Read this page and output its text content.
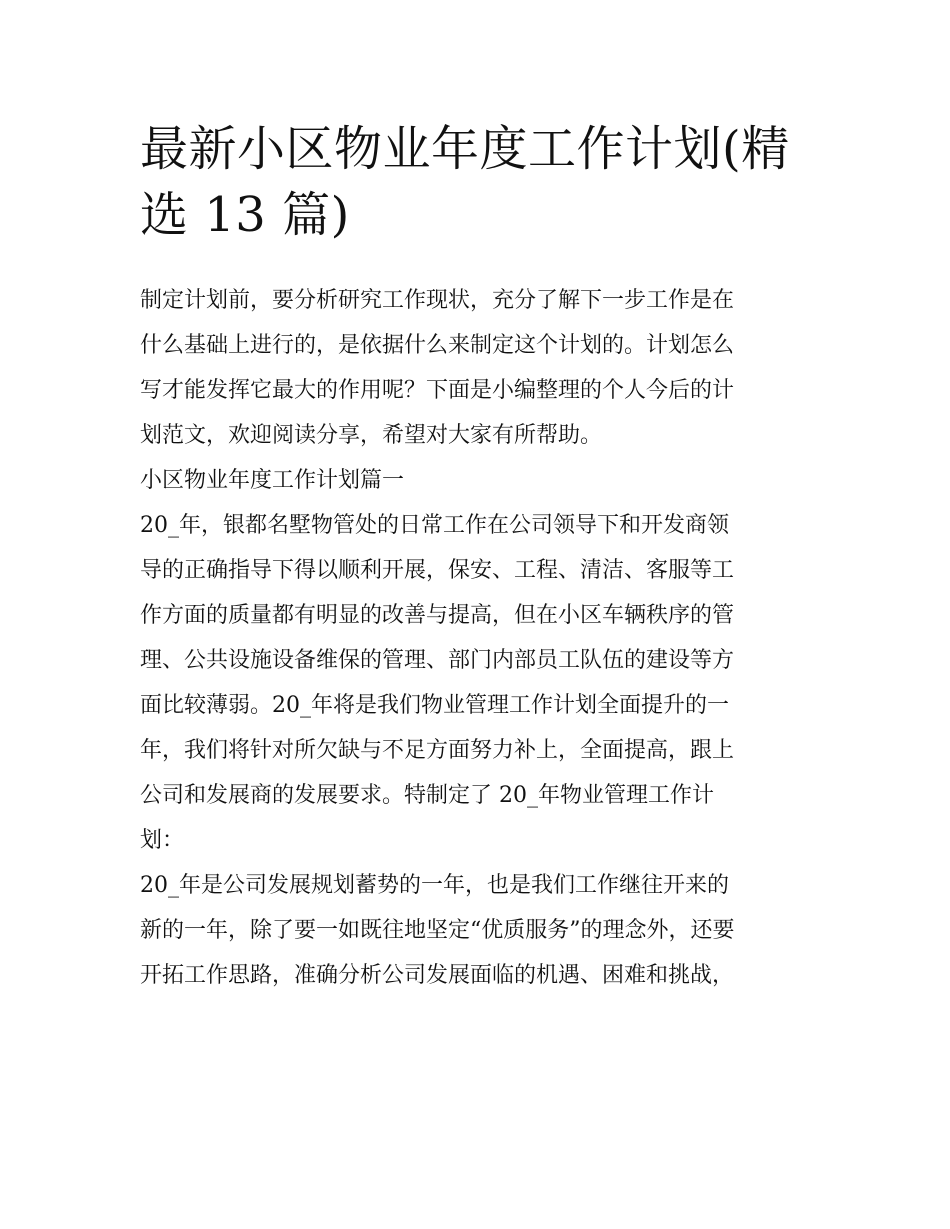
最新小区物业年度工作计划(精
选 13 篇)
制定计划前，要分析研究工作现状，充分了解下一步工作是在
什么基础上进行的，是依据什么来制定这个计划的。计划怎么
写才能发挥它最大的作用呢？下面是小编整理的个人今后的计
划范文，欢迎阅读分享，希望对大家有所帮助。
小区物业年度工作计划篇一
20_年，银都名墅物管处的日常工作在公司领导下和开发商领
导的正确指导下得以顺利开展，保安、工程、清洁、客服等工
作方面的质量都有明显的改善与提高，但在小区车辆秩序的管
理、公共设施设备维保的管理、部门内部员工队伍的建设等方
面比较薄弱。20_年将是我们物业管理工作计划全面提升的一
年，我们将针对所欠缺与不足方面努力补上，全面提高，跟上
公司和发展商的发展要求。特制定了 20_年物业管理工作计
划：
20_年是公司发展规划蓄势的一年，也是我们工作继往开来的
新的一年，除了要一如既往地坚定“优质服务”的理念外，还要
开拓工作思路，准确分析公司发展面临的机遇、困难和挑战，
